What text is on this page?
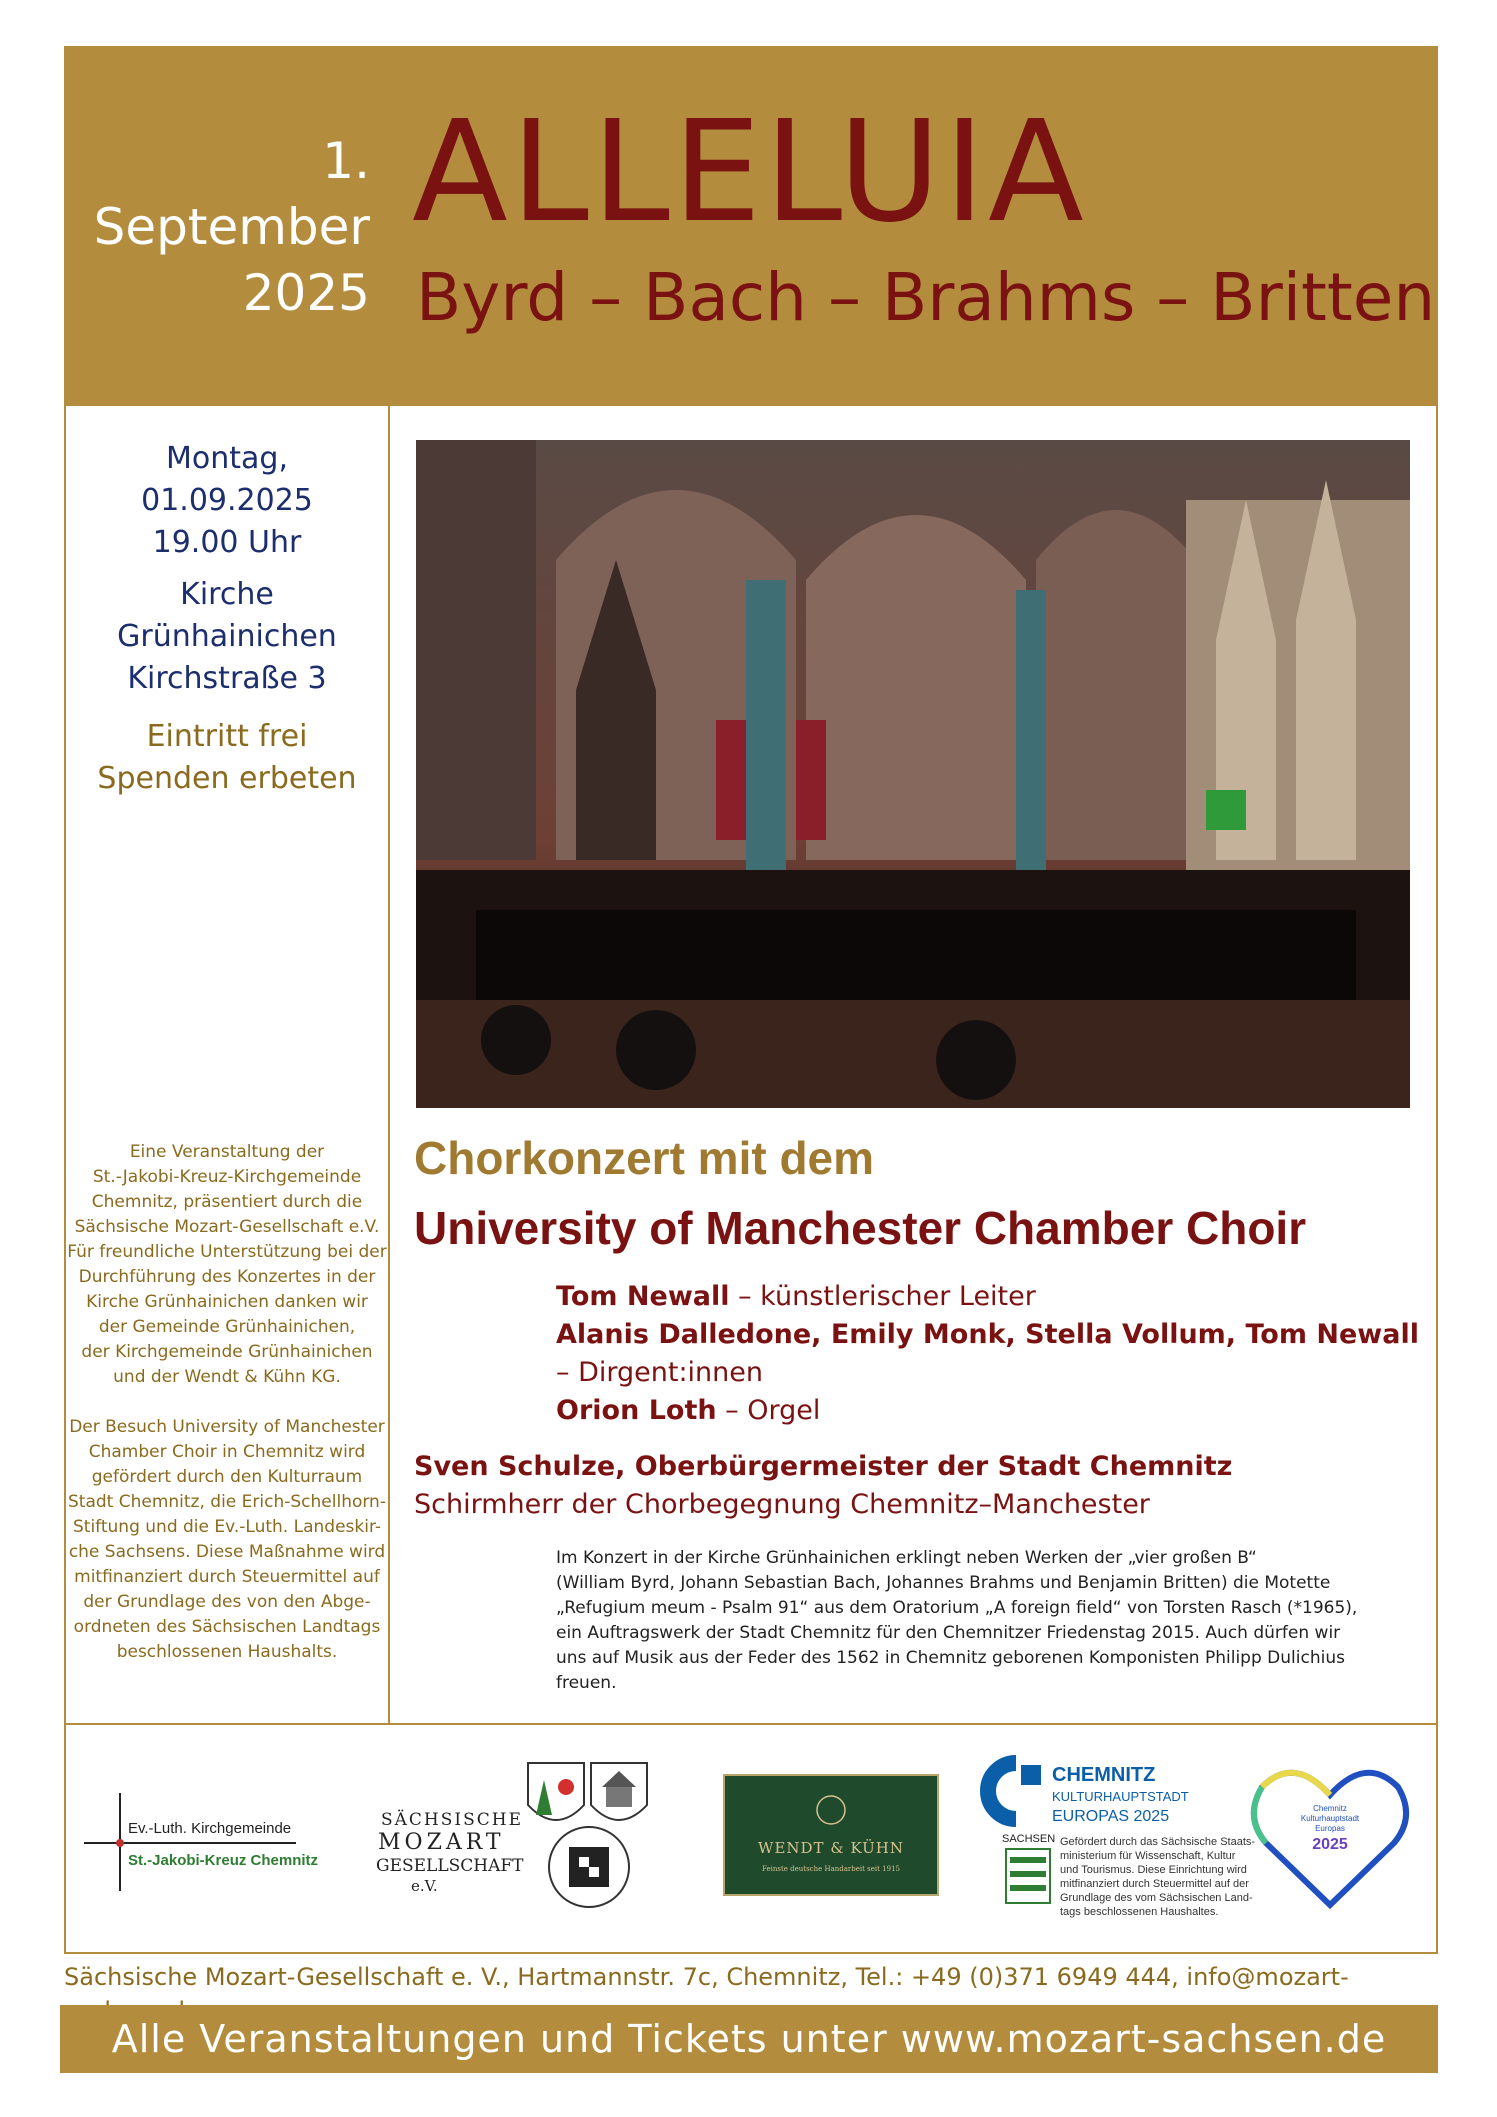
1.
September
2025
ALLELUIA
Byrd – Bach – Brahms – Britten
Montag,
01.09.2025
19.00 Uhr
Kirche
Grünhainichen
Kirchstraße 3
Eintritt frei
Spenden erbeten
Eine Veranstaltung der
St.-Jakobi-Kreuz-Kirchgemeinde
Chemnitz, präsentiert durch die
Sächsische Mozart-Gesellschaft e.V.
Für freundliche Unterstützung bei der
Durchführung des Konzertes in der
Kirche Grünhainichen danken wir
der Gemeinde Grünhainichen,
der Kirchgemeinde Grünhainichen
und der Wendt & Kühn KG.
Der Besuch University of Manchester
Chamber Choir in Chemnitz wird
gefördert durch den Kulturraum
Stadt Chemnitz, die Erich-Schellhorn-
Stiftung und die Ev.-Luth. Landeskir-
che Sachsens. Diese Maßnahme wird
mitfinanziert durch Steuermittel auf
der Grundlage des von den Abge-
ordneten des Sächsischen Landtags
beschlossenen Haushalts.
Chorkonzert mit dem
University of Manchester Chamber Choir
Tom Newall – künstlerischer Leiter
Alanis Dalledone, Emily Monk, Stella Vollum, Tom Newall
– Dirgent:innen
Orion Loth – Orgel
Sven Schulze, Oberbürgermeister der Stadt Chemnitz
Schirmherr der Chorbegegnung Chemnitz–Manchester
Im Konzert in der Kirche Grünhainichen erklingt neben Werken der „vier großen B“
(William Byrd, Johann Sebastian Bach, Johannes Brahms und Benjamin Britten) die Motette
„Refugium meum - Psalm 91“ aus dem Oratorium „A foreign field“ von Torsten Rasch (*1965),
ein Auftragswerk der Stadt Chemnitz für den Chemnitzer Friedenstag 2015. Auch dürfen wir
uns auf Musik aus der Feder des 1562 in Chemnitz geborenen Komponisten Philipp Dulichius freuen.
Ev.-Luth. Kirchgemeinde
St.-Jakobi-Kreuz Chemnitz
SÄCHSISCHE
MOZART
GESELLSCHAFT
e.V.
WENDT & KÜHN
Feinste deutsche Handarbeit seit 1915
CHEMNITZ
KULTURHAUPTSTADT
EUROPAS 2025
SACHSEN Gefördert durch das Sächsische Staats-
ministerium für Wissenschaft, Kultur
und Tourismus. Diese Einrichtung wird
mitfinanziert durch Steuermittel auf der
Grundlage des vom Sächsischen Land-
tags beschlossenen Haushaltes.
Chemnitz
Kulturhauptstadt
Europas
2025
Sächsische Mozart-Gesellschaft e. V., Hartmannstr. 7c, Chemnitz, Tel.: +49 (0)371 6949 444, info@mozart-
Alle Veranstaltungen und Tickets unter www.mozart-sachsen.de
